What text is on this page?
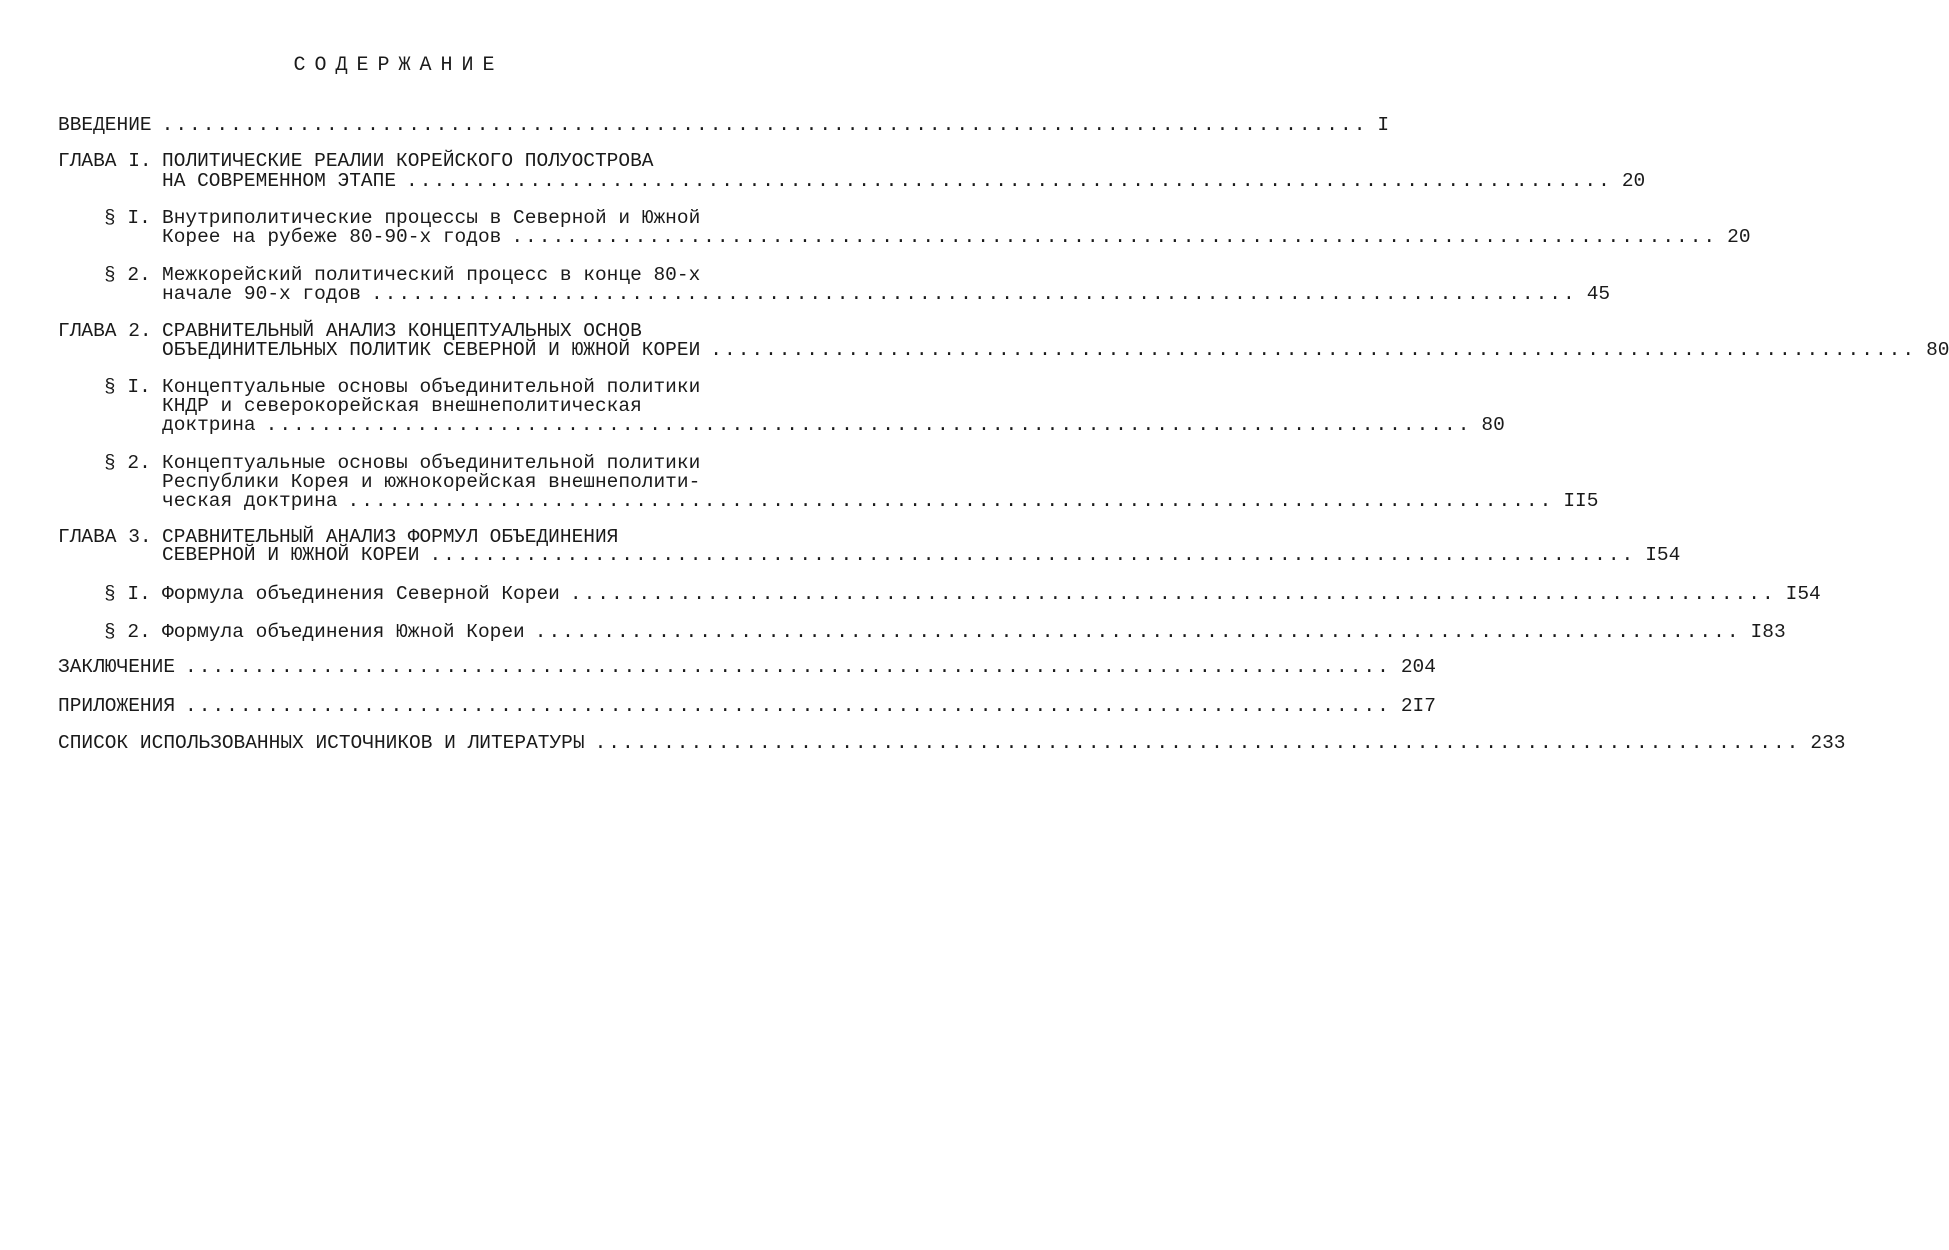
СОДЕРЖАНИЕ
ВВЕДЕНИЕ ........................................................................................ I
ГЛАВА I. ПОЛИТИЧЕСКИЕ РЕАЛИИ КОРЕЙСКОГО ПОЛУОСТРОВА
НА СОВРЕМЕННОМ ЭТАПЕ ........................................................................................ 20
§ I. Внутриполитические процессы в Северной и Южной
Корее на рубеже 80-90-х годов ........................................................................................ 20
§ 2. Межкорейский политический процесс в конце 80-х
начале 90-х годов ........................................................................................ 45
ГЛАВА 2. СРАВНИТЕЛЬНЫЙ АНАЛИЗ КОНЦЕПТУАЛЬНЫХ ОСНОВ
ОБЪЕДИНИТЕЛЬНЫХ ПОЛИТИК СЕВЕРНОЙ И ЮЖНОЙ КОРЕИ ........................................................................................ 80
§ I. Концептуальные основы объединительной политики
КНДР и северокорейская внешнеполитическая
доктрина ........................................................................................ 80
§ 2. Концептуальные основы объединительной политики
Республики Корея и южнокорейская внешнеполити-
ческая доктрина ........................................................................................ II5
ГЛАВА 3. СРАВНИТЕЛЬНЫЙ АНАЛИЗ ФОРМУЛ ОБЪЕДИНЕНИЯ
СЕВЕРНОЙ И ЮЖНОЙ КОРЕИ ........................................................................................ I54
§ I. Формула объединения Северной Кореи ........................................................................................ I54
§ 2. Формула объединения Южной Кореи ........................................................................................ I83
ЗАКЛЮЧЕНИЕ ........................................................................................ 204
ПРИЛОЖЕНИЯ ........................................................................................ 2I7
СПИСОК ИСПОЛЬЗОВАННЫХ ИСТОЧНИКОВ И ЛИТЕРАТУРЫ ........................................................................................ 233
